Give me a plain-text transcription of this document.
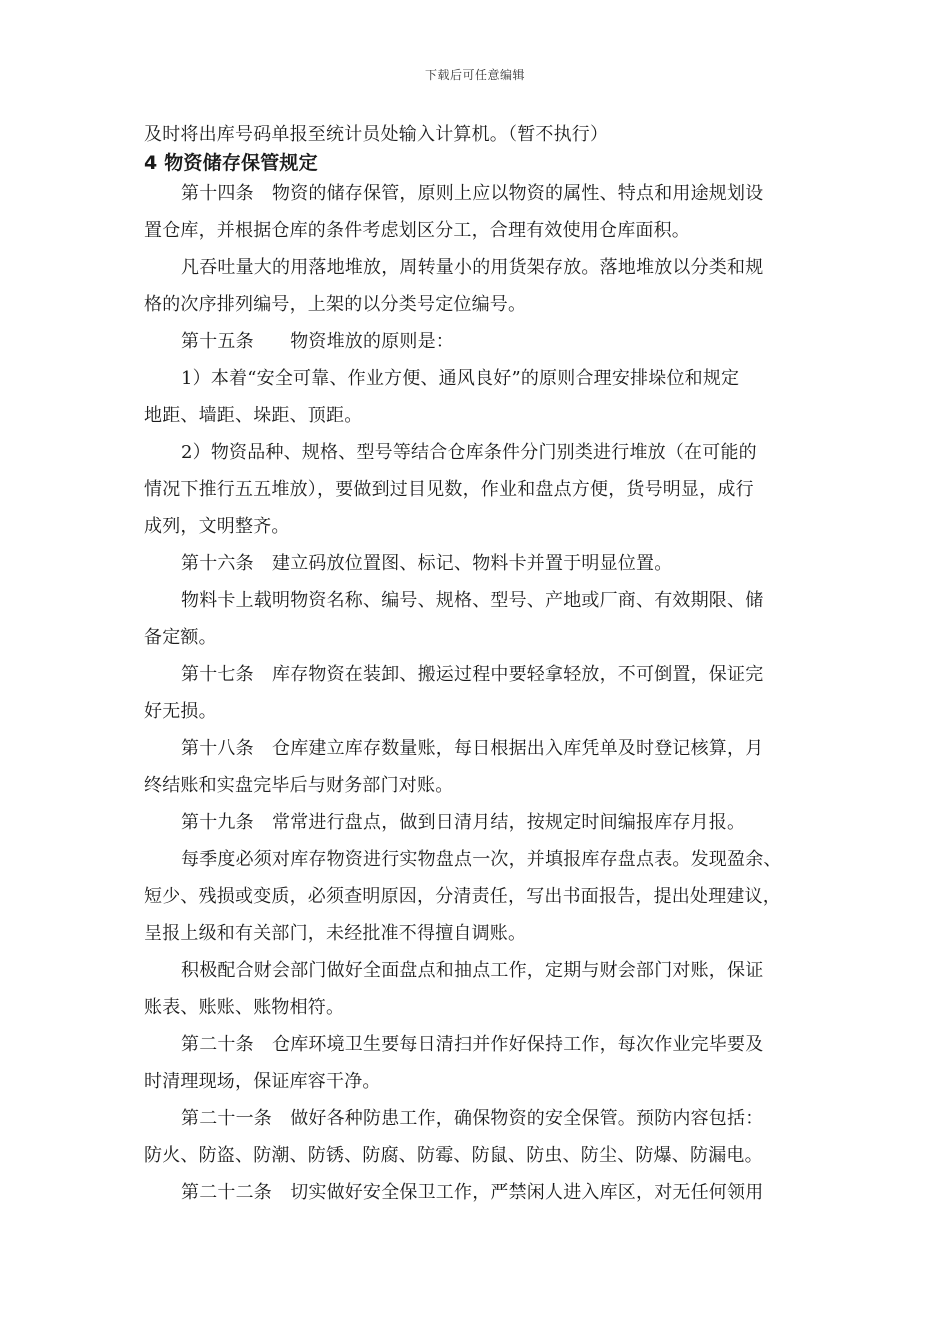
下载后可任意编辑
及时将出库号码单报至统计员处输入计算机。（暂不执行）
4 物资储存保管规定
第十四条　物资的储存保管，原则上应以物资的属性、特点和用途规划设
置仓库，并根据仓库的条件考虑划区分工，合理有效使用仓库面积。
凡吞吐量大的用落地堆放，周转量小的用货架存放。落地堆放以分类和规
格的次序排列编号，上架的以分类号定位编号。
第十五条　　物资堆放的原则是：
1）本着“安全可靠、作业方便、通风良好”的原则合理安排垛位和规定
地距、墙距、垛距、顶距。
2）物资品种、规格、型号等结合仓库条件分门别类进行堆放（在可能的
情况下推行五五堆放），要做到过目见数，作业和盘点方便，货号明显，成行
成列，文明整齐。
第十六条　建立码放位置图、标记、物料卡并置于明显位置。
物料卡上载明物资名称、编号、规格、型号、产地或厂商、有效期限、储
备定额。
第十七条　库存物资在装卸、搬运过程中要轻拿轻放，不可倒置，保证完
好无损。
第十八条　仓库建立库存数量账，每日根据出入库凭单及时登记核算，月
终结账和实盘完毕后与财务部门对账。
第十九条　常常进行盘点，做到日清月结，按规定时间编报库存月报。
每季度必须对库存物资进行实物盘点一次，并填报库存盘点表。发现盈余、
短少、残损或变质，必须查明原因，分清责任，写出书面报告，提出处理建议，
呈报上级和有关部门，未经批准不得擅自调账。
积极配合财会部门做好全面盘点和抽点工作，定期与财会部门对账，保证
账表、账账、账物相符。
第二十条　仓库环境卫生要每日清扫并作好保持工作，每次作业完毕要及
时清理现场，保证库容干净。
第二十一条　做好各种防患工作，确保物资的安全保管。预防内容包括：
防火、防盗、防潮、防锈、防腐、防霉、防鼠、防虫、防尘、防爆、防漏电。
第二十二条　切实做好安全保卫工作，严禁闲人进入库区，对无任何领用
